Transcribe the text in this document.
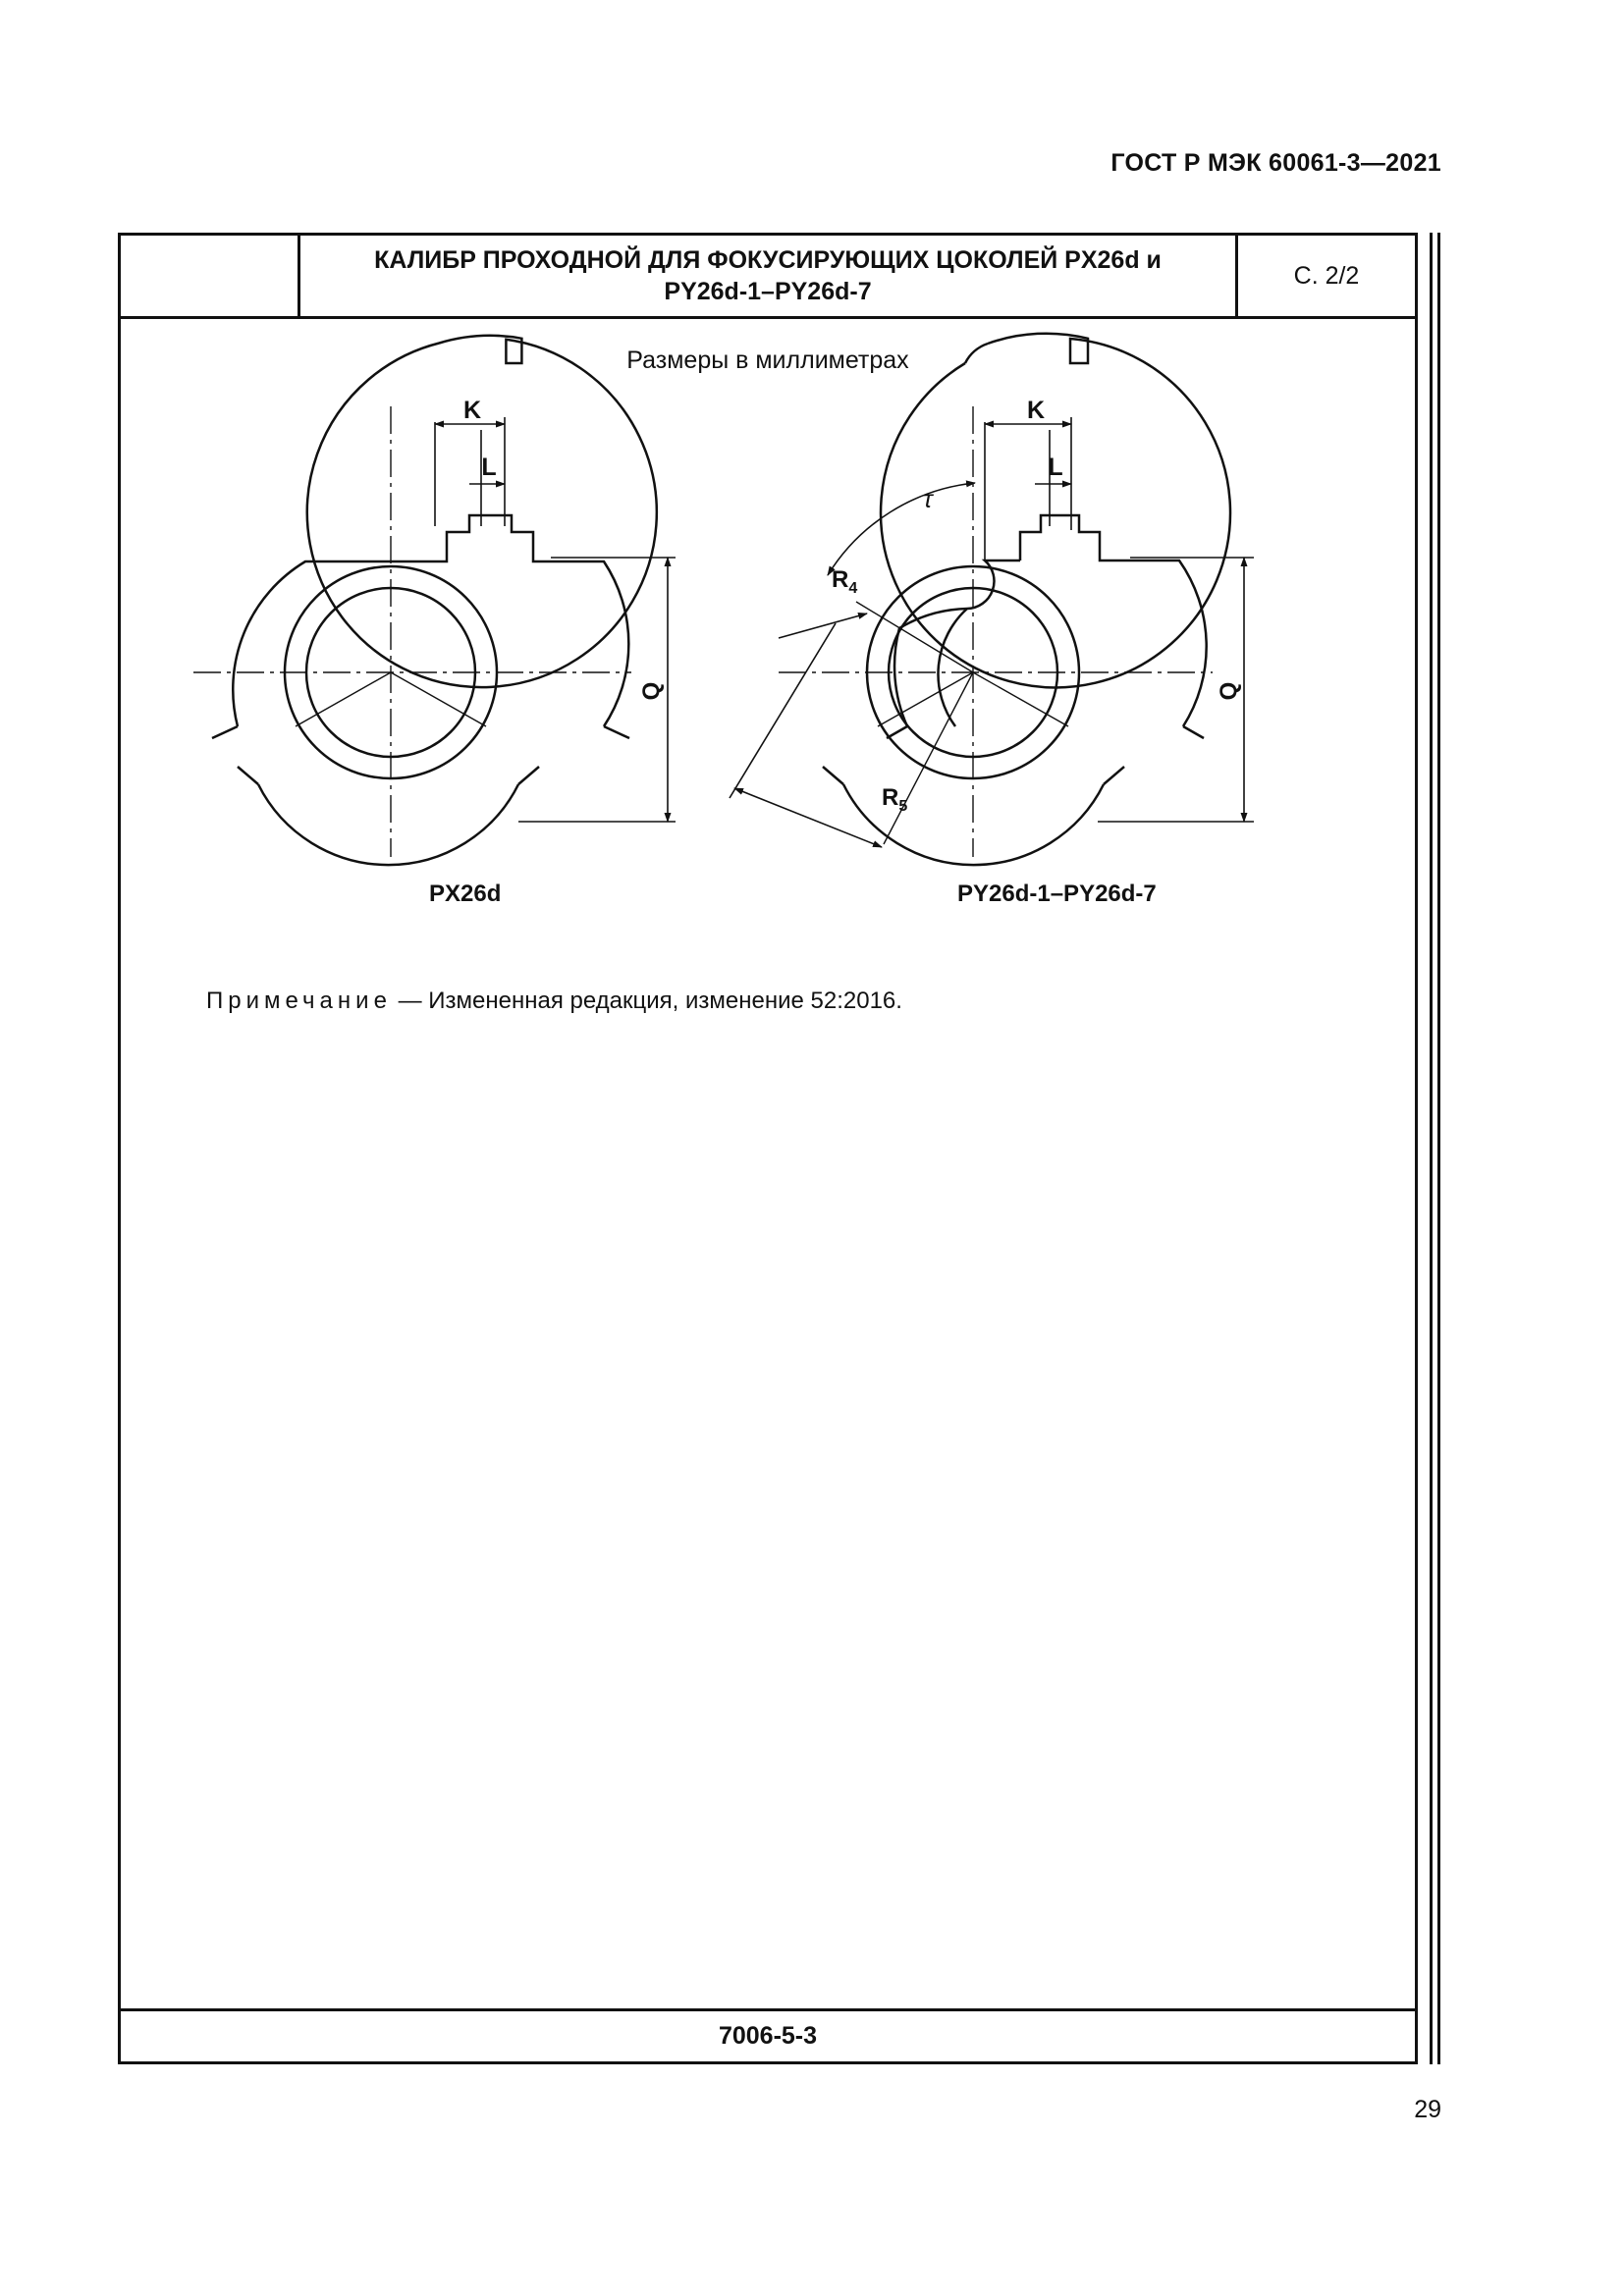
ГОСТ Р МЭК 60061-3—2021
КАЛИБР ПРОХОДНОЙ ДЛЯ ФОКУСИРУЮЩИХ ЦОКОЛЕЙ PX26d и
PY26d-1–PY26d-7
С. 2/2
Размеры в миллиметрах
K
L
Q
K
L
τ
$R_4$
$R_5$
Q
PX26d	PY26d-1–PY26d-7
Примечание — Измененная редакция, изменение 52:2016.
7006-5-3
29
